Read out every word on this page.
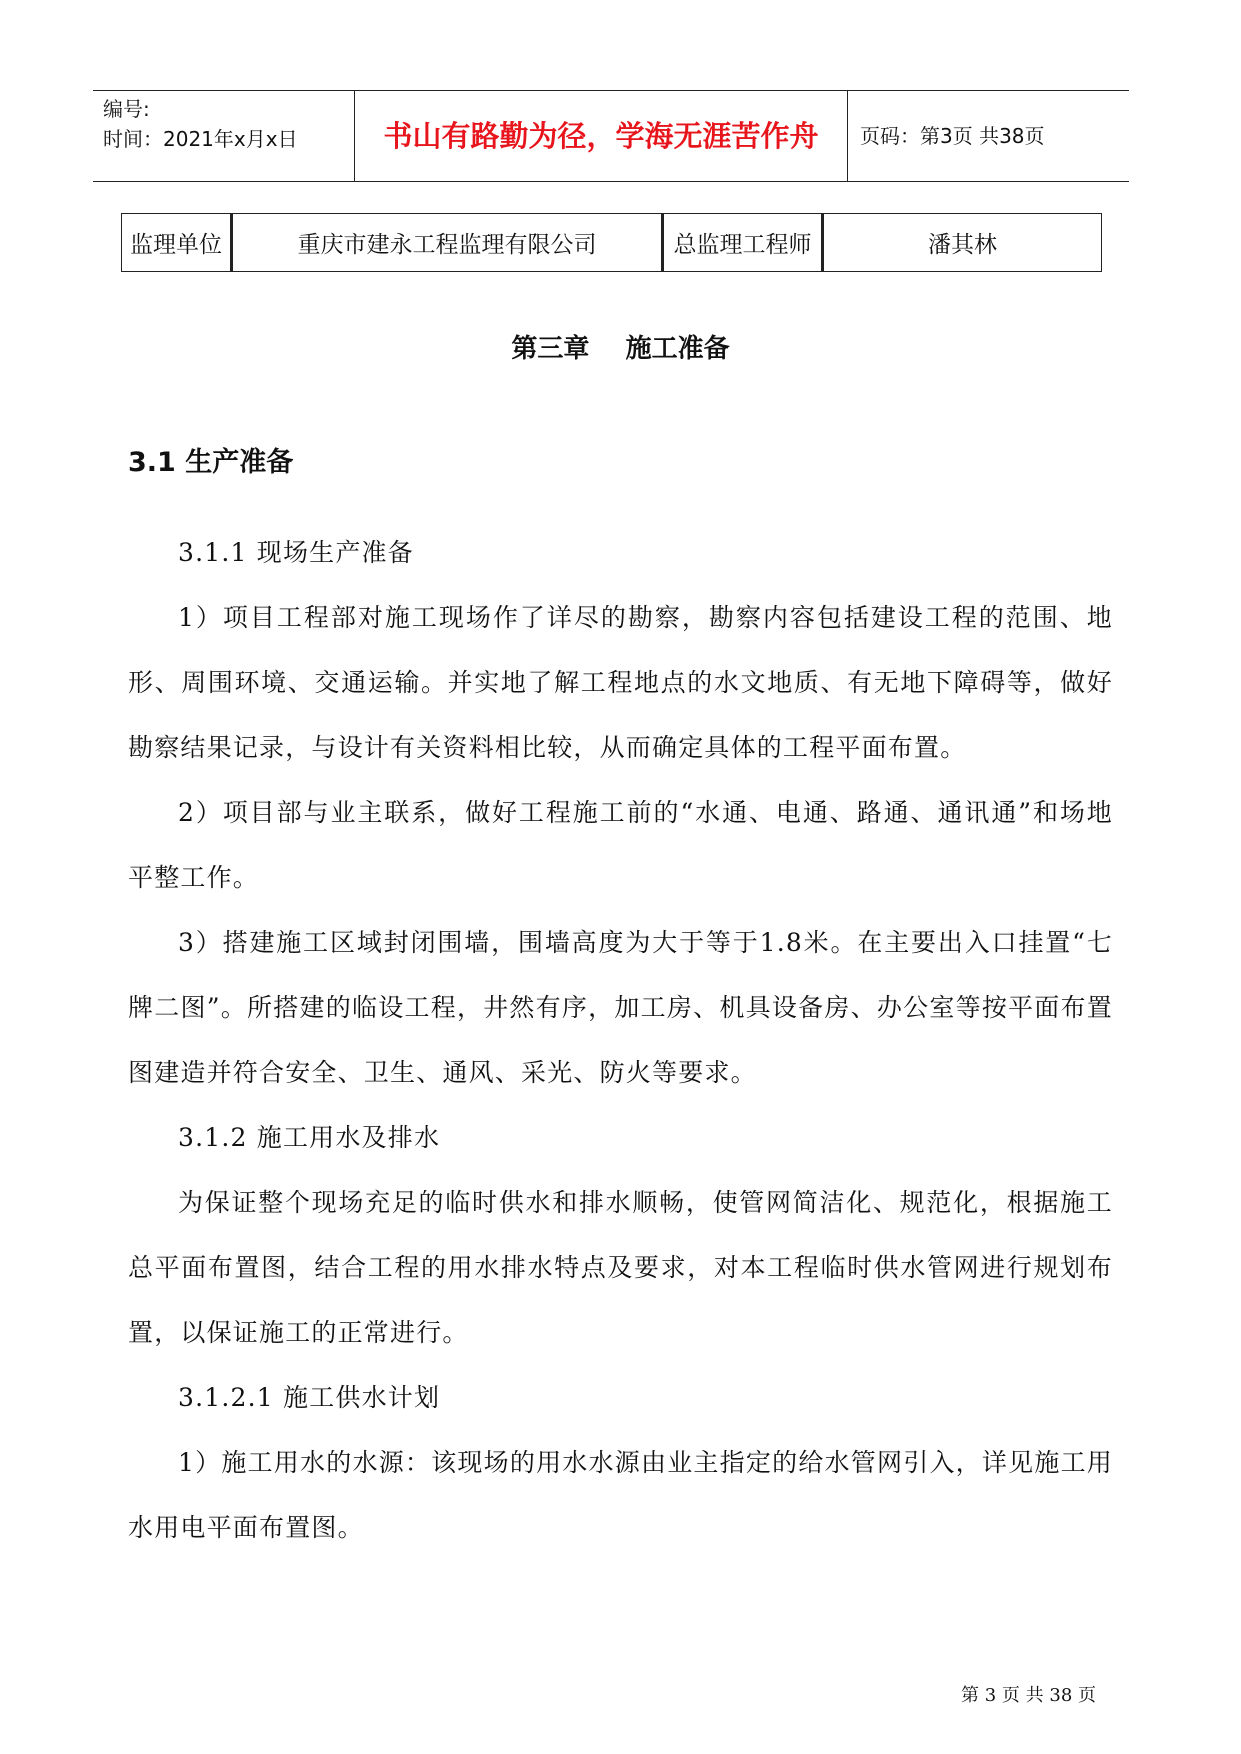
编号:
时间：2021年x月x日	书山有路勤为径，学海无涯苦作舟	页码：第3页 共38页
监理单位	重庆市建永工程监理有限公司	总监理工程师	潘其林
第三章    施工准备
3.1 生产准备

3.1.1 现场生产准备

1）项目工程部对施工现场作了详尽的勘察，勘察内容包括建设工程的范围、地形、周围环境、交通运输。并实地了解工程地点的水文地质、有无地下障碍等，做好勘察结果记录，与设计有关资料相比较，从而确定具体的工程平面布置。

2）项目部与业主联系，做好工程施工前的“水通、电通、路通、通讯通”和场地平整工作。

3）搭建施工区域封闭围墙，围墙高度为大于等于1.8米。在主要出入口挂置“七牌二图”。所搭建的临设工程，井然有序，加工房、机具设备房、办公室等按平面布置图建造并符合安全、卫生、通风、采光、防火等要求。

3.1.2 施工用水及排水

为保证整个现场充足的临时供水和排水顺畅，使管网简洁化、规范化，根据施工总平面布置图，结合工程的用水排水特点及要求，对本工程临时供水管网进行规划布置，以保证施工的正常进行。

3.1.2.1 施工供水计划

1）施工用水的水源：该现场的用水水源由业主指定的给水管网引入，详见施工用水用电平面布置图。

第 3 页 共 38 页
